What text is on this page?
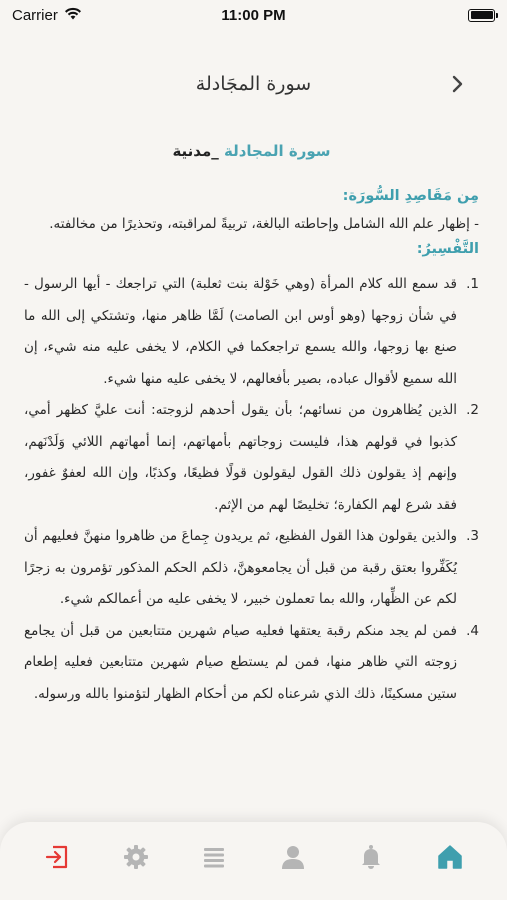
Carrier	11:00 PM
سورة المجَادلة
سورة المجادلة _مدنية
مِن مَقَاصِدِ السُّورَة:

- إظهار علم الله الشامل وإحاطته البالغة، تربيةً لمراقبته، وتحذيرًا من مخالفته.

التَّفْسِيرُ:
1.
قد سمع الله كلام المرأة (وهي خَوْلة بنت ثعلبة) التي تراجعك - أيها الرسول - في شأن زوجها (وهو أوس ابن الصامت) لَمَّا ظاهر منها، وتشتكي إلى الله ما صنع بها زوجها، والله يسمع تراجعكما في الكلام، لا يخفى عليه منه شيء، إن الله سميع لأقوال عباده، بصير بأفعالهم، لا يخفى عليه منها شيء.
2.
الذين يُظاهرون من نسائهم؛ بأن يقول أحدهم لزوجته: أنت عليَّ كظهر أمي، كذبوا في قولهم هذا، فليست زوجاتهم بأمهاتهم، إنما أمهاتهم اللائي وَلَدْنَهم، وإنهم إذ يقولون ذلك القول ليقولون قولًا فظيعًا، وكذبًا، وإن الله لعفوٌ غفور، فقد شرع لهم الكفارة؛ تخليصًا لهم من الإثم.
3.
والذين يقولون هذا القول الفظيع، ثم يريدون جِماعَ من ظاهروا منهنَّ فعليهم أن يُكَفِّروا بعتق رقبة من قبل أن يجامعوهنَّ، ذلكم الحكم المذكور تؤمرون به زجرًا لكم عن الظِّهار، والله بما تعملون خبير، لا يخفى عليه من أعمالكم شيء.
4.
فمن لم يجد منكم رقبة يعتقها فعليه صيام شهرين متتابعين من قبل أن يجامع زوجته التي ظاهر منها، فمن لم يستطع صيام شهرين متتابعين فعليه إطعام ستين مسكينًا، ذلك الذي شرعناه لكم من أحكام الظهار لتؤمنوا بالله ورسوله.
